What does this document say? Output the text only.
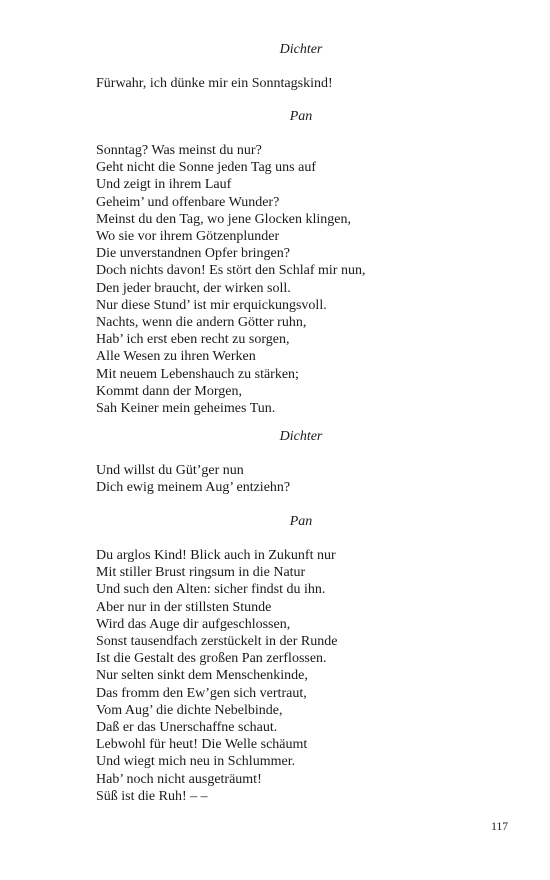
Dichter

Fürwahr, ich dünke mir ein Sonntagskind!

Pan

Sonntag? Was meinst du nur?
Geht nicht die Sonne jeden Tag uns auf
Und zeigt in ihrem Lauf
Geheim’ und offenbare Wunder?
Meinst du den Tag, wo jene Glocken klingen,
Wo sie vor ihrem Götzenplunder
Die unverstandnen Opfer bringen?
Doch nichts davon! Es stört den Schlaf mir nun,
Den jeder braucht, der wirken soll.
Nur diese Stund’ ist mir erquickungsvoll.
Nachts, wenn die andern Götter ruhn,
Hab’ ich erst eben recht zu sorgen,
Alle Wesen zu ihren Werken
Mit neuem Lebenshauch zu stärken;
Kommt dann der Morgen,
Sah Keiner mein geheimes Tun.

Dichter

Und willst du Güt’ger nun
Dich ewig meinem Aug’ entziehn?

Pan

Du arglos Kind! Blick auch in Zukunft nur
Mit stiller Brust ringsum in die Natur
Und such den Alten: sicher findst du ihn.
Aber nur in der stillsten Stunde
Wird das Auge dir aufgeschlossen,
Sonst tausendfach zerstückelt in der Runde
Ist die Gestalt des großen Pan zerflossen.
Nur selten sinkt dem Menschenkinde,
Das fromm den Ew’gen sich vertraut,
Vom Aug’ die dichte Nebelbinde,
Daß er das Unerschaffne schaut.
Lebwohl für heut! Die Welle schäumt
Und wiegt mich neu in Schlummer.
Hab’ noch nicht ausgeträumt!
Süß ist die Ruh! – –

117
